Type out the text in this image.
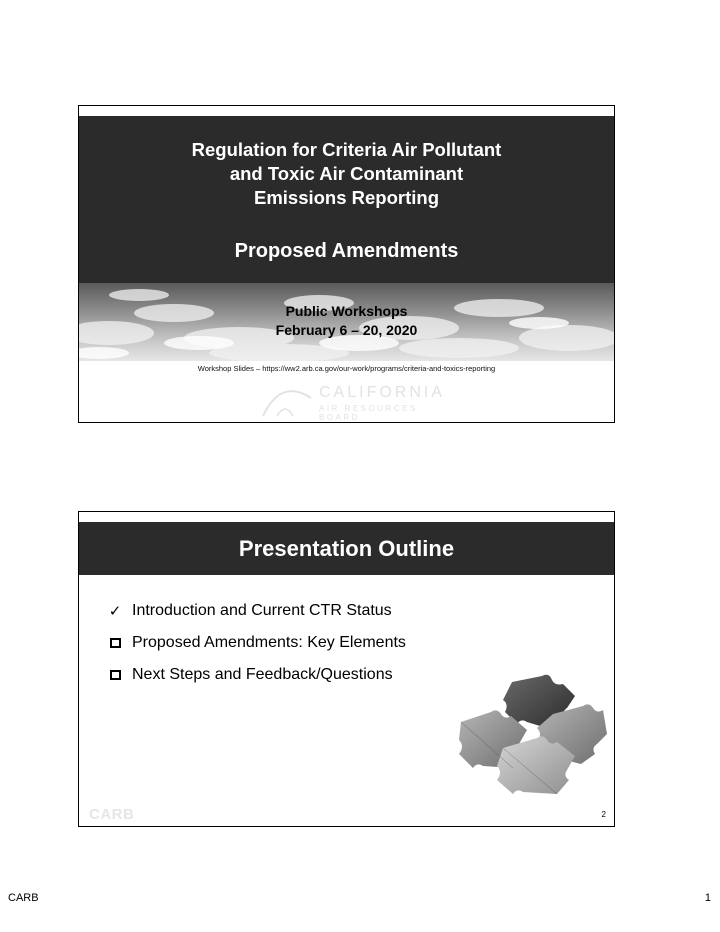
Regulation for Criteria Air Pollutant
and Toxic Air Contaminant
Emissions Reporting
Proposed Amendments
Public Workshops
February 6 – 20, 2020
Workshop Slides – https://ww2.arb.ca.gov/our-work/programs/criteria-and-toxics-reporting
CALIFORNIA
AIR RESOURCES BOARD
Presentation Outline
✓ Introduction and Current CTR Status
Proposed Amendments: Key Elements
Next Steps and Feedback/Questions
CARB	2
CARB	1
